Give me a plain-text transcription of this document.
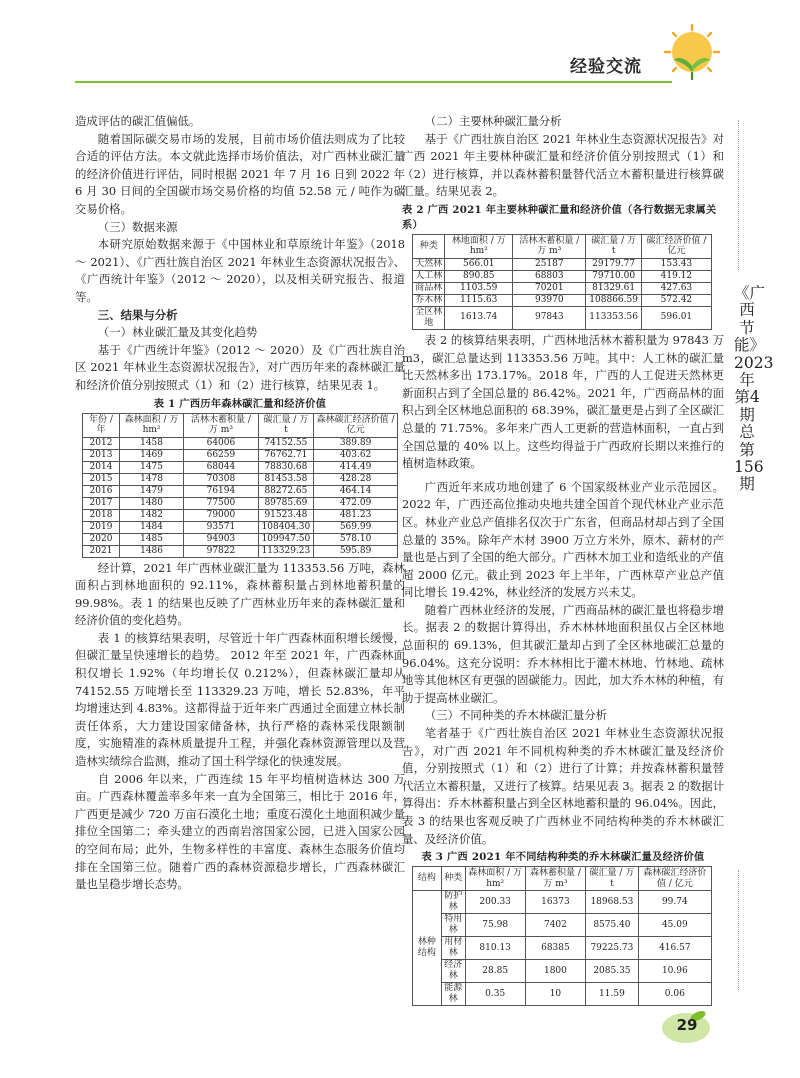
经验交流
《广西节能》 2023年第4期 总第156期

造成评估的碳汇值偏低。

随着国际碳交易市场的发展，目前市场价值法则成为了比较合适的评估方法。本文就此选择市场价值法，对广西林业碳汇量的经济价值进行评估，同时根据 2021 年 7 月 16 日到 2022 年 6 月 30 日间的全国碳市场交易价格的均值 52.58 元 / 吨作为碳交易价格。

（三）数据来源

本研究原始数据来源于《中国林业和草原统计年鉴》（2018 ～ 2021）、《广西壮族自治区 2021 年林业生态资源状况报告》、《广西统计年鉴》（2012 ～ 2020），以及相关研究报告、报道等。

三、结果与分析
（一）林业碳汇量及其变化趋势

基于《广西统计年鉴》（2012 ～ 2020）及《广西壮族自治区 2021 年林业生态资源状况报告》，对广西历年来的森林碳汇量和经济价值分别按照式（1）和（2）进行核算，结果见表 1。

表 1 广西历年森林碳汇量和经济价值
年份 / 年	森林面积 / 万 hm²	活林木蓄积量 / 万 m³	碳汇量 / 万 t	森林碳汇经济价值 / 亿元
2012	1458	64006	74152.55	389.89
2013	1469	66259	76762.71	403.62
2014	1475	68044	78830.68	414.49
2015	1478	70308	81453.58	428.28
2016	1479	76194	88272.65	464.14
2017	1480	77500	89785.69	472.09
2018	1482	79000	91523.48	481.23
2019	1484	93571	108404.30	569.99
2020	1485	94903	109947.50	578.10
2021	1486	97822	113329.23	595.89

经计算，2021 年广西林业碳汇量为 113353.56 万吨，森林面积占到林地面积的 92.11%，森林蓄积量占到林地蓄积量的 99.98%。表 1 的结果也反映了广西林业历年来的森林碳汇量和经济价值的变化趋势。

表 1 的核算结果表明，尽管近十年广西森林面积增长缓慢，但碳汇量呈快速增长的趋势。 2012 年至 2021 年，广西森林面积仅增长 1.92%（年均增长仅 0.212%），但森林碳汇量却从 74152.55 万吨增长至 113329.23 万吨，增长 52.83%，年平均增速达到 4.83%。这都得益于近年来广西通过全面建立林长制责任体系，大力建设国家储备林，执行严格的森林采伐限额制度，实施精准的森林质量提升工程，并强化森林资源管理以及营造林实绩综合监测，推动了国土科学绿化的快速发展。

自 2006 年以来，广西连续 15 年平均植树造林达 300 万亩。广西森林覆盖率多年来一直为全国第三，相比于 2016 年，广西更是减少 720 万亩石漠化土地；重度石漠化土地面积减少量排位全国第二；牵头建立的西南岩溶国家公园，已进入国家公园的空间布局；此外，生物多样性的丰富度、森林生态服务价值均排在全国第三位。随着广西的森林资源稳步增长，广西森林碳汇量也呈稳步增长态势。

（二）主要林种碳汇量分析

基于《广西壮族自治区 2021 年林业生态资源状况报告》对广西 2021 年主要林种碳汇量和经济价值分别按照式（1）和（2）进行核算，并以森林蓄积量替代活立木蓄积量进行核算碳汇量。结果见表 2。

表 2 广西 2021 年主要林种碳汇量和经济价值（各行数据无隶属关系）
种类	林地面积 / 万 hm²	活林木蓄积量 / 万 m³	碳汇量 / 万 t	碳汇经济价值 / 亿元
天然林	566.01	25187	29179.77	153.43
人工林	890.85	68803	79710.00	419.12
商品林	1103.59	70201	81329.61	427.63
乔木林	1115.63	93970	108866.59	572.42
全区林地	1613.74	97843	113353.56	596.01

表 2 的核算结果表明，广西林地活林木蓄积量为 97843 万 m3，碳汇总量达到 113353.56 万吨。其中：人工林的碳汇量比天然林多出 173.17%。2018 年，广西的人工促进天然林更新面积占到了全国总量的 86.42%。2021 年，广西商品林的面积占到全区林地总面积的 68.39%，碳汇量更是占到了全区碳汇总量的 71.75%。多年来广西人工更新的营造林面积，一直占到全国总量的 40% 以上。这些均得益于广西政府长期以来推行的植树造林政策。

广西近年来成功地创建了 6 个国家级林业产业示范园区。2022 年，广西还高位推动央地共建全国首个现代林业产业示范区。林业产业总产值排名仅次于广东省，但商品材却占到了全国总量的 35%。除年产木材 3900 万立方米外，原木、薪材的产量也是占到了全国的绝大部分。广西林木加工业和造纸业的产值超 2000 亿元。截止到 2023 年上半年，广西林草产业总产值同比增长 19.42%，林业经济的发展方兴未艾。

随着广西林业经济的发展，广西商品林的碳汇量也将稳步增长。据表 2 的数据计算得出，乔木林林地面积虽仅占全区林地总面积的 69.13%，但其碳汇量却占到了全区林地碳汇总量的 96.04%。这充分说明：乔木林相比于灌木林地、竹林地、疏林地等其他林区有更强的固碳能力。因此，加大乔木林的种植，有助于提高林业碳汇。

（三）不同种类的乔木林碳汇量分析

笔者基于《广西壮族自治区 2021 年林业生态资源状况报告》，对广西 2021 年不同机构种类的乔木林碳汇量及经济价值，分别按照式（1）和（2）进行了计算；并按森林蓄积量替代活立木蓄积量，又进行了核算。结果见表 3。据表 2 的数据计算得出：乔木林蓄积量占到全区林地蓄积量的 96.04%。因此，表 3 的结果也客观反映了广西林业不同结构种类的乔木林碳汇量、及经济价值。

表 3 广西 2021 年不同结构种类的乔木林碳汇量及经济价值
结构	种类	森林面积 / 万 hm²	森林蓄积量 / 万 m³	碳汇量 / 万 t	森林碳汇经济价值 / 亿元
林种结构	防护林	200.33	16373	18968.53	99.74
	特用林	75.98	7402	8575.40	45.09
	用材林	810.13	68385	79225.73	416.57
	经济林	28.85	1800	2085.35	10.96
	能源林	0.35	10	11.59	0.06
29
